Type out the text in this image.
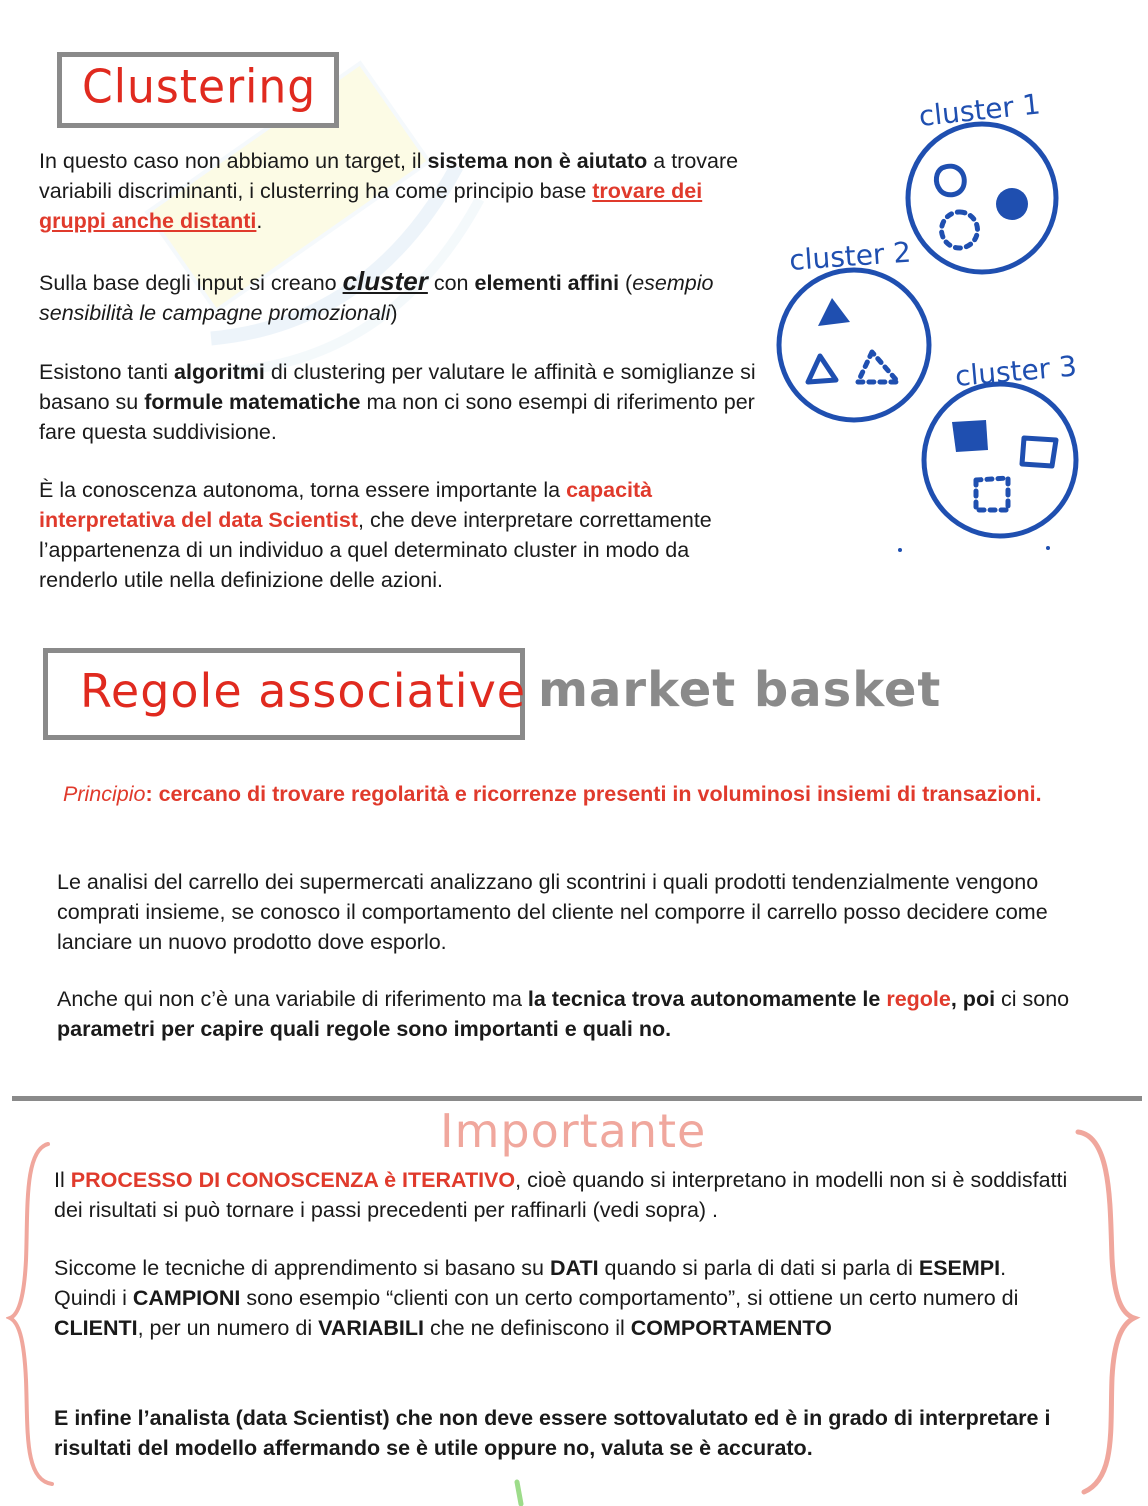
Clustering
In questo caso non abbiamo un target, il sistema non è aiutato a trovare variabili discriminanti, i clusterring ha come principio base trovare dei gruppi anche distanti.
Sulla base degli input si creano cluster con elementi affini (esempio sensibilità le campagne promozionali)
Esistono tanti algoritmi di clustering per valutare le affinità e somiglianze si basano su formule matematiche ma non ci sono esempi di riferimento per fare questa suddivisione.
È la conoscenza autonoma, torna essere importante la capacità interpretativa del data Scientist, che deve interpretare correttamente l’appartenenza di un individuo a quel determinato cluster in modo da renderlo utile nella definizione delle azioni.
cluster 1
cluster 2
cluster 3
Regole associative market basket
Principio: cercano di trovare regolarità e ricorrenze presenti in voluminosi insiemi di transazioni.
Le analisi del carrello dei supermercati analizzano gli scontrini i quali prodotti tendenzialmente vengono comprati insieme, se conosco il comportamento del cliente nel comporre il carrello posso decidere come lanciare un nuovo prodotto dove esporlo.
Anche qui non c’è una variabile di riferimento ma la tecnica trova autonomamente le regole, poi ci sono parametri per capire quali regole sono importanti e quali no.
Importante
Il PROCESSO DI CONOSCENZA è ITERATIVO, cioè quando si interpretano in modelli non si è soddisfatti dei risultati si può tornare i passi precedenti per raffinarli (vedi sopra) .
Siccome le tecniche di apprendimento si basano su DATI quando si parla di dati si parla di ESEMPI.
Quindi i CAMPIONI sono esempio “clienti con un certo comportamento”, si ottiene un certo numero di CLIENTI, per un numero di VARIABILI che ne definiscono il COMPORTAMENTO
E infine l’analista (data Scientist) che non deve essere sottovalutato ed è in grado di interpretare i risultati del modello affermando se è utile oppure no, valuta se è accurato.
